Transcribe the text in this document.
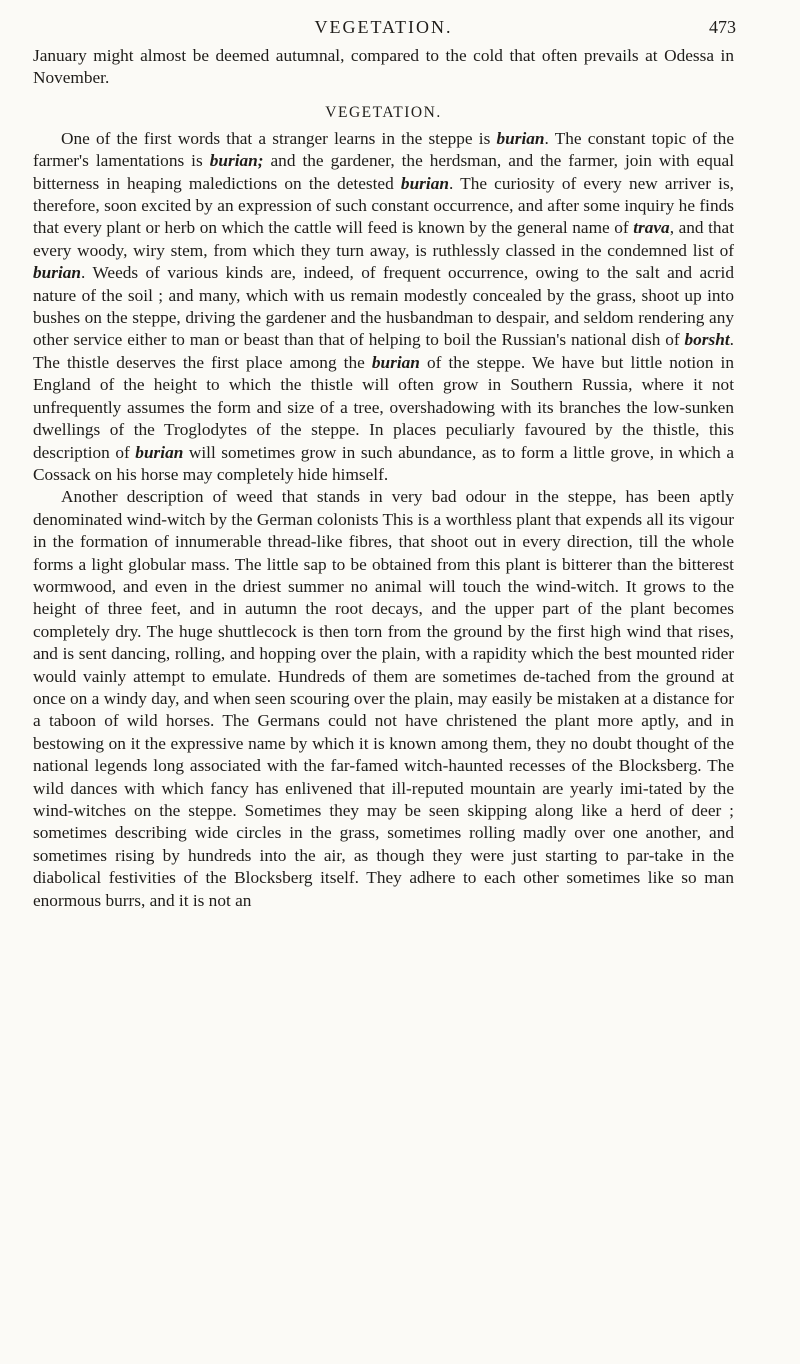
VEGETATION.	473

January might almost be deemed autumnal, compared to the cold that often prevails at Odessa in November.

VEGETATION.

One of the first words that a stranger learns in the steppe is burian. The constant topic of the farmer's lamentations is burian; and the gardener, the herdsman, and the farmer, join with equal bitterness in heaping maledictions on the detested burian. The curiosity of every new arriver is, therefore, soon excited by an expression of such constant occurrence, and after some inquiry he finds that every plant or herb on which the cattle will feed is known by the general name of trava, and that every woody, wiry stem, from which they turn away, is ruthlessly classed in the condemned list of burian. Weeds of various kinds are, indeed, of frequent occurrence, owing to the salt and acrid nature of the soil ; and many, which with us remain modestly concealed by the grass, shoot up into bushes on the steppe, driving the gardener and the husbandman to despair, and seldom rendering any other service either to man or beast than that of helping to boil the Russian's national dish of borsht. The thistle deserves the first place among the burian of the steppe. We have but little notion in England of the height to which the thistle will often grow in Southern Russia, where it not unfrequently assumes the form and size of a tree, overshadowing with its branches the low-sunken dwellings of the Troglodytes of the steppe. In places peculiarly favoured by the thistle, this description of burian will sometimes grow in such abundance, as to form a little grove, in which a Cossack on his horse may completely hide himself.

Another description of weed that stands in very bad odour in the steppe, has been aptly denominated wind-witch by the German colonists This is a worthless plant that expends all its vigour in the formation of innumerable thread-like fibres, that shoot out in every direction, till the whole forms a light globular mass. The little sap to be obtained from this plant is bitterer than the bitterest wormwood, and even in the driest summer no animal will touch the wind-witch. It grows to the height of three feet, and in autumn the root decays, and the upper part of the plant becomes completely dry. The huge shuttlecock is then torn from the ground by the first high wind that rises, and is sent dancing, rolling, and hopping over the plain, with a rapidity which the best mounted rider would vainly attempt to emulate. Hundreds of them are sometimes de-tached from the ground at once on a windy day, and when seen scouring over the plain, may easily be mistaken at a distance for a taboon of wild horses. The Germans could not have christened the plant more aptly, and in bestowing on it the expressive name by which it is known among them, they no doubt thought of the national legends long associated with the far-famed witch-haunted recesses of the Blocksberg. The wild dances with which fancy has enlivened that ill-reputed mountain are yearly imi-tated by the wind-witches on the steppe. Sometimes they may be seen skipping along like a herd of deer ; sometimes describing wide circles in the grass, sometimes rolling madly over one another, and sometimes rising by hundreds into the air, as though they were just starting to par-take in the diabolical festivities of the Blocksberg itself. They adhere to each other sometimes like so man enormous burrs, and it is not an
